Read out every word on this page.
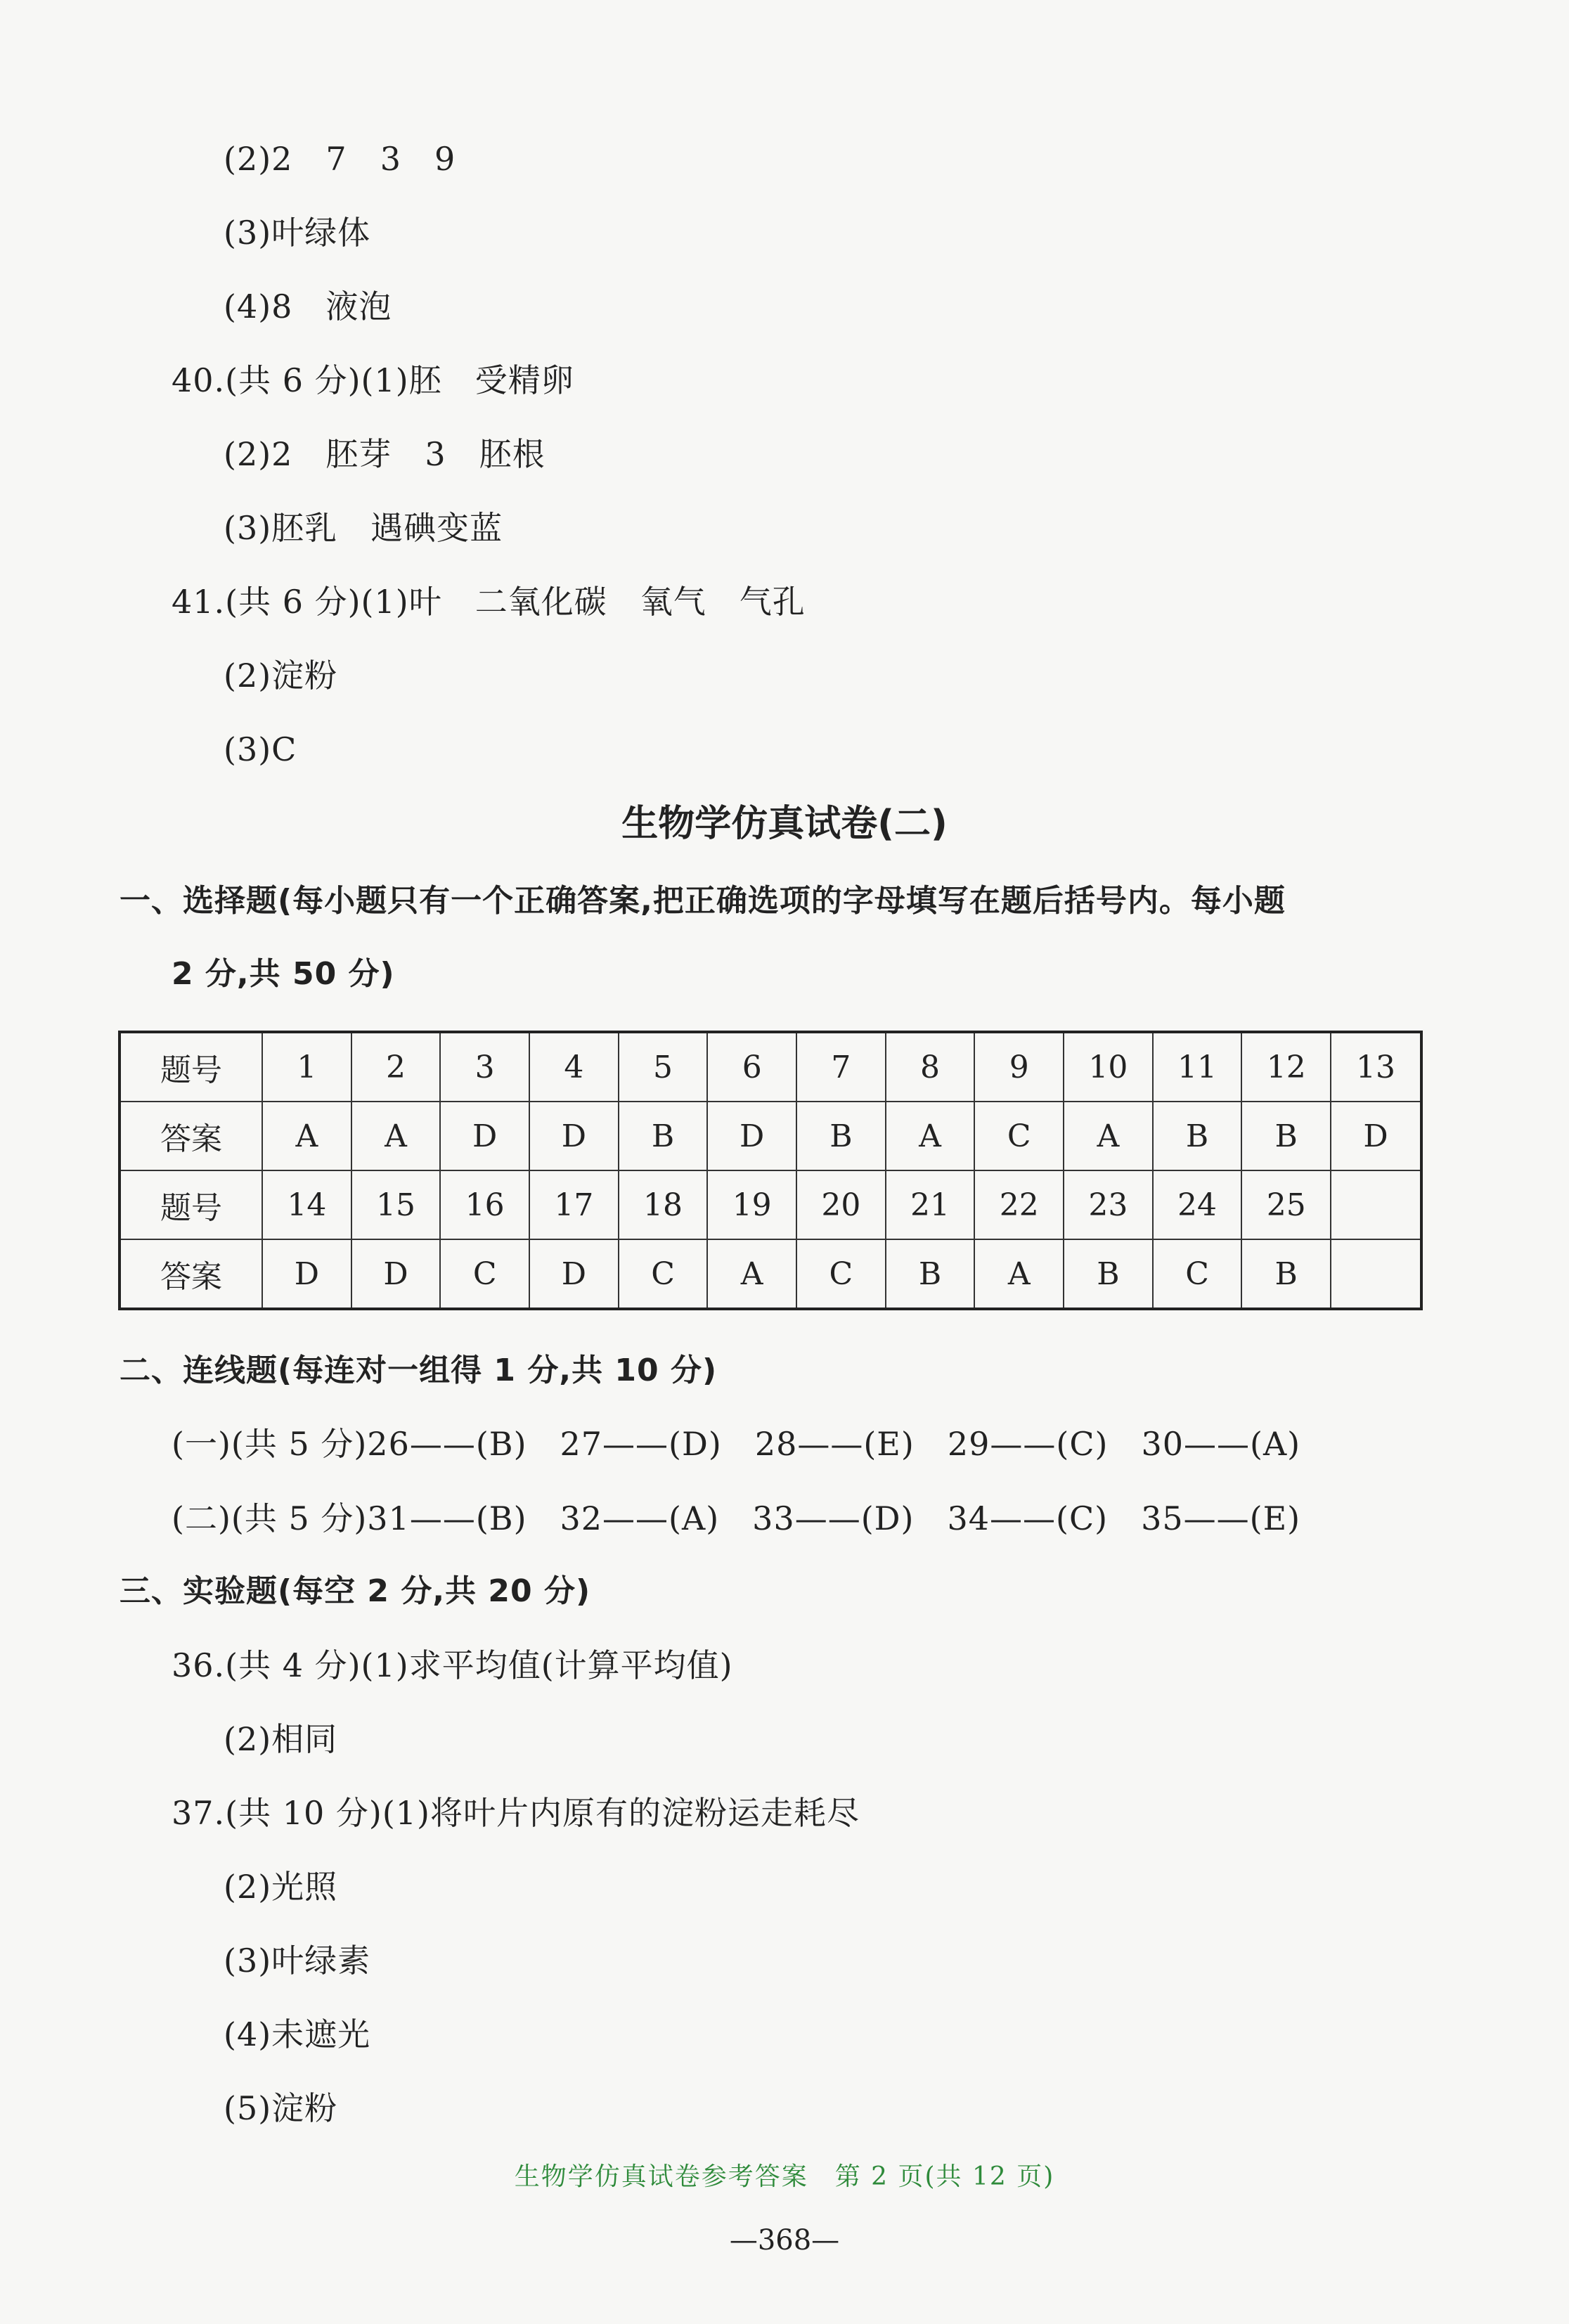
(2)2　7　3　9
(3)叶绿体
(4)8　液泡
40.(共 6 分)(1)胚　受精卵
(2)2　胚芽　3　胚根
(3)胚乳　遇碘变蓝
41.(共 6 分)(1)叶　二氧化碳　氧气　气孔
(2)淀粉
(3)C
生物学仿真试卷(二)
一、选择题(每小题只有一个正确答案,把正确选项的字母填写在题后括号内。每小题
2 分,共 50 分)
题号	1	2	3	4	5	6	7	8	9	10	11	12	13
答案	A	A	D	D	B	D	B	A	C	A	B	B	D
题号	14	15	16	17	18	19	20	21	22	23	24	25	
答案	D	D	C	D	C	A	C	B	A	B	C	B	
二、连线题(每连对一组得 1 分,共 10 分)
(一)(共 5 分)26——(B)　27——(D)　28——(E)　29——(C)　30——(A)
(二)(共 5 分)31——(B)　32——(A)　33——(D)　34——(C)　35——(E)
三、实验题(每空 2 分,共 20 分)
36.(共 4 分)(1)求平均值(计算平均值)
(2)相同
37.(共 10 分)(1)将叶片内原有的淀粉运走耗尽
(2)光照
(3)叶绿素
(4)未遮光
(5)淀粉
生物学仿真试卷参考答案　第 2 页(共 12 页)
—368—
